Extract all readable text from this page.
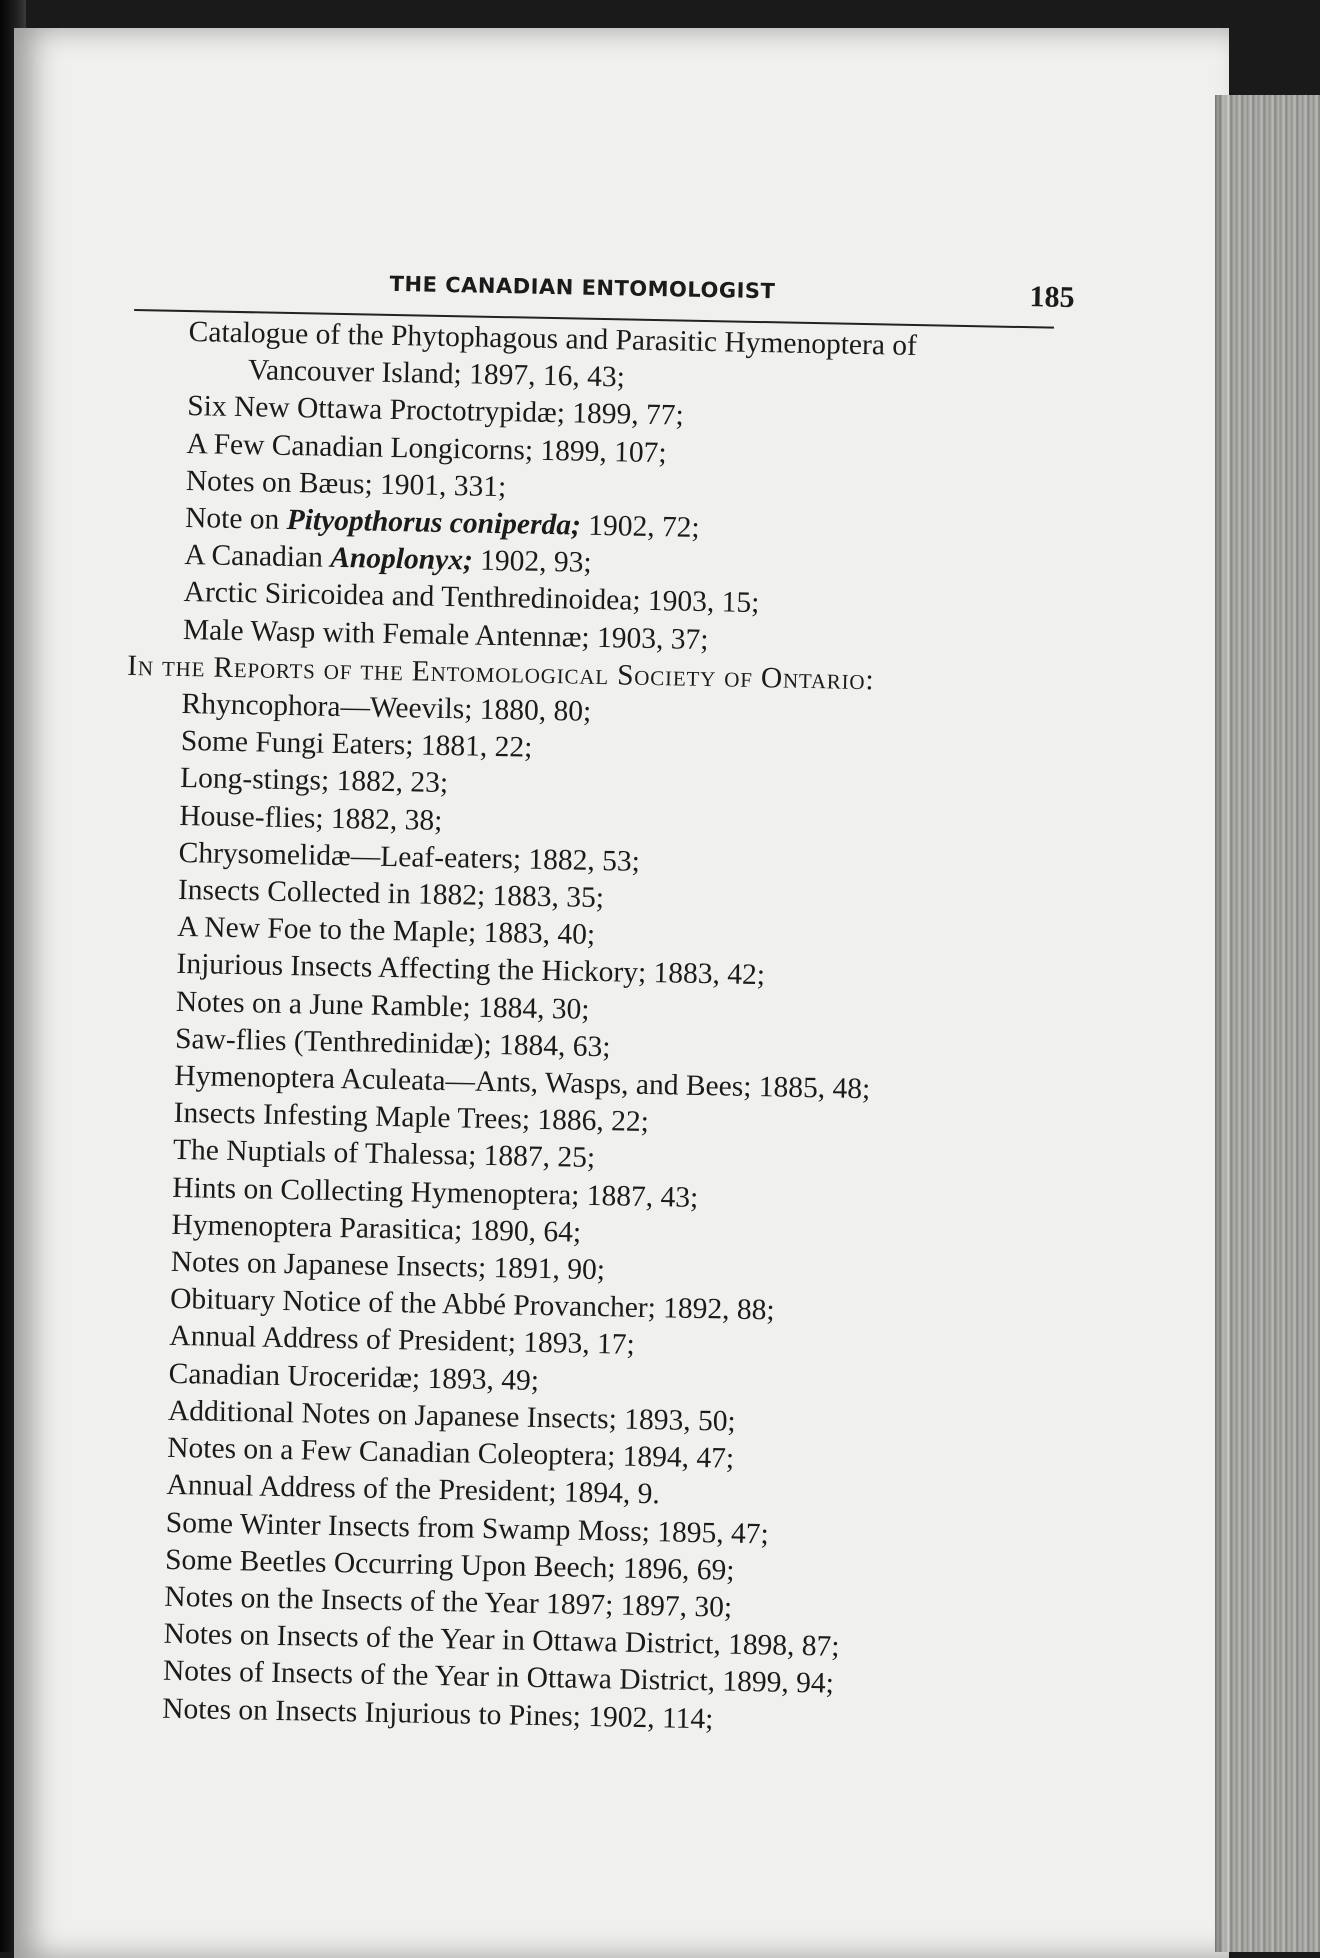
THE CANADIAN ENTOMOLOGIST	185
Catalogue of the Phytophagous and Parasitic Hymenoptera of
Vancouver Island; 1897, 16, 43;
Six New Ottawa Proctotrypidæ; 1899, 77;
A Few Canadian Longicorns; 1899, 107;
Notes on Bæus; 1901, 331;
Note on Pityopthorus coniperda; 1902, 72;
A Canadian Anoplonyx; 1902, 93;
Arctic Siricoidea and Tenthredinoidea; 1903, 15;
Male Wasp with Female Antennæ; 1903, 37;
In the Reports of the Entomological Society of Ontario:
Rhyncophora—Weevils; 1880, 80;
Some Fungi Eaters; 1881, 22;
Long-stings; 1882, 23;
House-flies; 1882, 38;
Chrysomelidæ—Leaf-eaters; 1882, 53;
Insects Collected in 1882; 1883, 35;
A New Foe to the Maple; 1883, 40;
Injurious Insects Affecting the Hickory; 1883, 42;
Notes on a June Ramble; 1884, 30;
Saw-flies (Tenthredinidæ); 1884, 63;
Hymenoptera Aculeata—Ants, Wasps, and Bees; 1885, 48;
Insects Infesting Maple Trees; 1886, 22;
The Nuptials of Thalessa; 1887, 25;
Hints on Collecting Hymenoptera; 1887, 43;
Hymenoptera Parasitica; 1890, 64;
Notes on Japanese Insects; 1891, 90;
Obituary Notice of the Abbé Provancher; 1892, 88;
Annual Address of President; 1893, 17;
Canadian Uroceridæ; 1893, 49;
Additional Notes on Japanese Insects; 1893, 50;
Notes on a Few Canadian Coleoptera; 1894, 47;
Annual Address of the President; 1894, 9.
Some Winter Insects from Swamp Moss; 1895, 47;
Some Beetles Occurring Upon Beech; 1896, 69;
Notes on the Insects of the Year 1897; 1897, 30;
Notes on Insects of the Year in Ottawa District, 1898, 87;
Notes of Insects of the Year in Ottawa District, 1899, 94;
Notes on Insects Injurious to Pines; 1902, 114;
